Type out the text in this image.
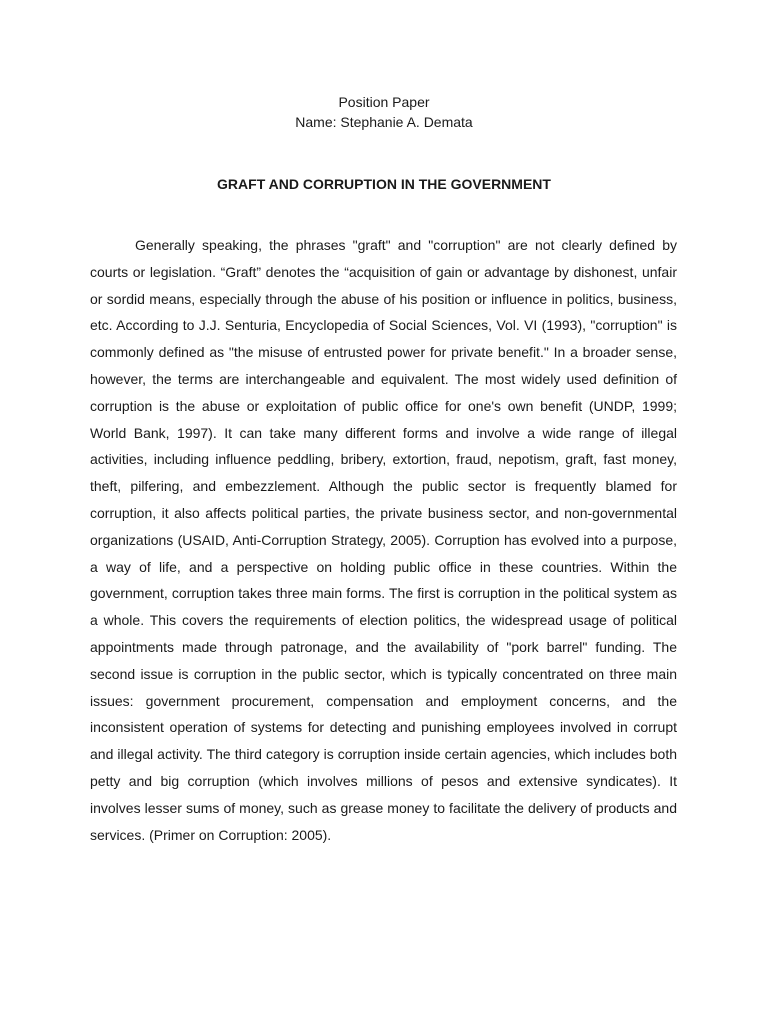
Position Paper
Name: Stephanie A. Demata
GRAFT AND CORRUPTION IN THE GOVERNMENT

Generally speaking, the phrases "graft" and "corruption" are not clearly defined by courts or legislation. “Graft” denotes the “acquisition of gain or advantage by dishonest, unfair or sordid means, especially through the abuse of his position or influence in politics, business, etc. According to J.J. Senturia, Encyclopedia of Social Sciences, Vol. VI (1993), "corruption" is commonly defined as "the misuse of entrusted power for private benefit." In a broader sense, however, the terms are interchangeable and equivalent. The most widely used definition of corruption is the abuse or exploitation of public office for one's own benefit (UNDP, 1999; World Bank, 1997). It can take many different forms and involve a wide range of illegal activities, including influence peddling, bribery, extortion, fraud, nepotism, graft, fast money, theft, pilfering, and embezzlement. Although the public sector is frequently blamed for corruption, it also affects political parties, the private business sector, and non-governmental organizations (USAID, Anti-Corruption Strategy, 2005). Corruption has evolved into a purpose, a way of life, and a perspective on holding public office in these countries. Within the government, corruption takes three main forms. The first is corruption in the political system as a whole. This covers the requirements of election politics, the widespread usage of political appointments made through patronage, and the availability of "pork barrel" funding. The second issue is corruption in the public sector, which is typically concentrated on three main issues: government procurement, compensation and employment concerns, and the inconsistent operation of systems for detecting and punishing employees involved in corrupt and illegal activity. The third category is corruption inside certain agencies, which includes both petty and big corruption (which involves millions of pesos and extensive syndicates). It involves lesser sums of money, such as grease money to facilitate the delivery of products and services. (Primer on Corruption: 2005).
